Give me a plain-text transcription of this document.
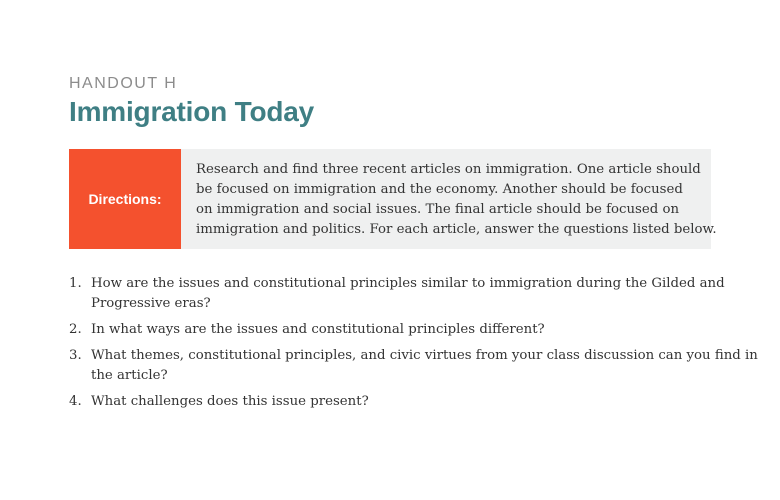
HANDOUT H
Immigration Today
Directions:
Research and find three recent articles on immigration. One article should
be focused on immigration and the economy. Another should be focused
on immigration and social issues. The final article should be focused on
immigration and politics. For each article, answer the questions listed below.
1. How are the issues and constitutional principles similar to immigration during the Gilded and
Progressive eras?
2. In what ways are the issues and constitutional principles different?
3. What themes, constitutional principles, and civic virtues from your class discussion can you find in
the article?
4. What challenges does this issue present?
